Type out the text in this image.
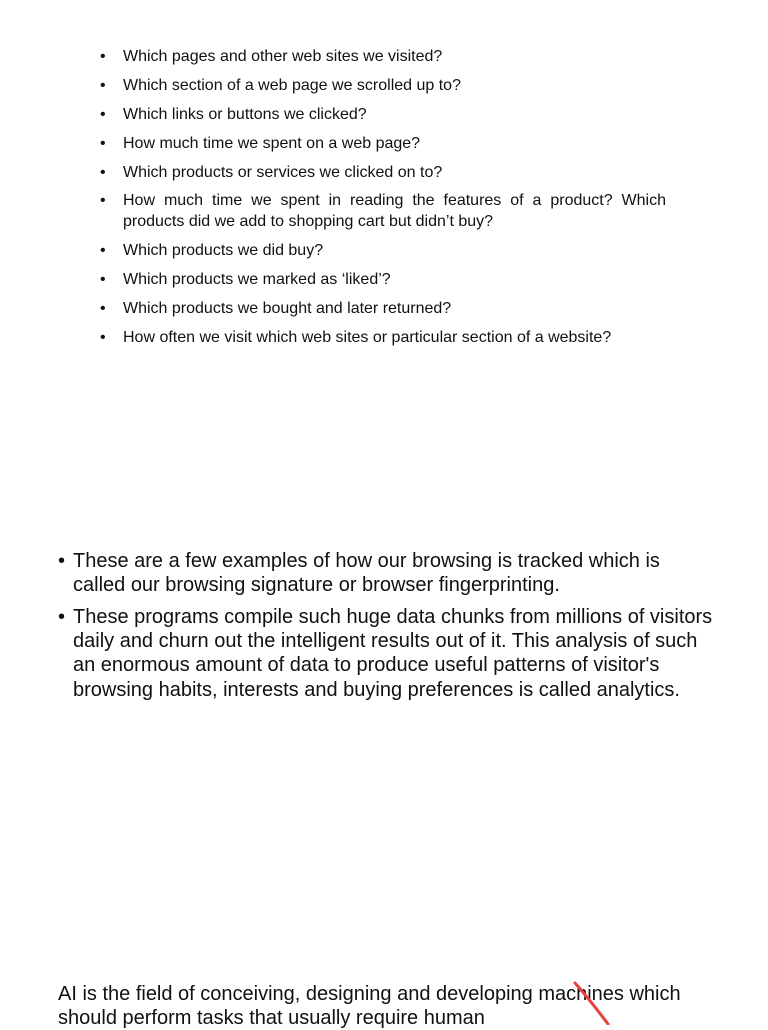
• Which pages and other web sites we visited?
• Which section of a web page we scrolled up to?
• Which links or buttons we clicked?
• How much time we spent on a web page?
• Which products or services we clicked on to?
• How much time we spent in reading the features of a product? Which products did we add to shopping cart but didn’t buy?
• Which products we did buy?
• Which products we marked as ‘liked’?
• Which products we bought and later returned?
• How often we visit which web sites or particular section of a website?
• These are a few examples of how our browsing is tracked which is called our browsing signature or browser fingerprinting.
• These programs compile such huge data chunks from millions of visitors daily and churn out the intelligent results out of it. This analysis of such an enormous amount of data to produce useful patterns of visitor's browsing habits, interests and buying preferences is called analytics.

AI is the field of conceiving, designing and developing machines which should perform tasks that usually require human
